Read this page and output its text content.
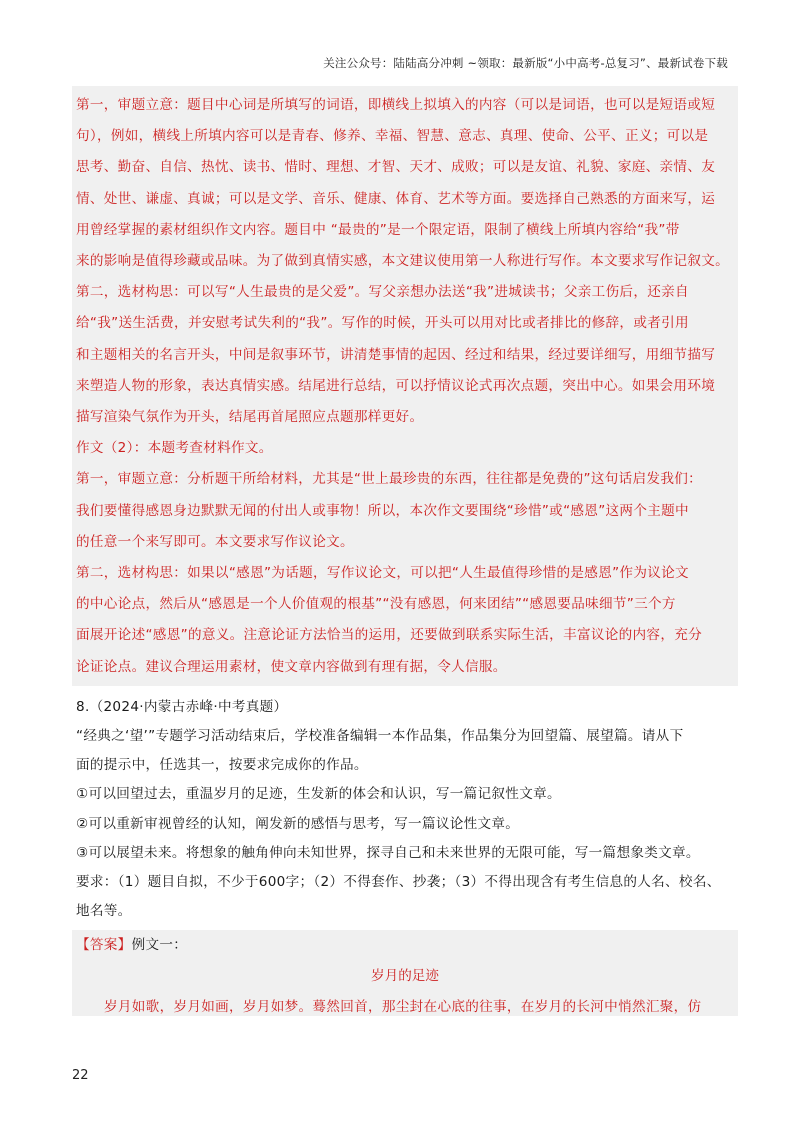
关注公众号：陆陆高分冲刺 ~领取：最新版“小中高考-总复习”、最新试卷下载
第一，审题立意：题目中心词是所填写的词语，即横线上拟填入的内容（可以是词语，也可以是短语或短
句），例如，横线上所填内容可以是青春、修养、幸福、智慧、意志、真理、使命、公平、正义；可以是
思考、勤奋、自信、热忱、读书、惜时、理想、才智、天才、成败；可以是友谊、礼貌、家庭、亲情、友
情、处世、谦虚、真诚；可以是文学、音乐、健康、体育、艺术等方面。要选择自己熟悉的方面来写，运
用曾经掌握的素材组织作文内容。题目中 “最贵的”是一个限定语，限制了横线上所填内容给“我”带
来的影响是值得珍藏或品味。为了做到真情实感，本文建议使用第一人称进行写作。本文要求写作记叙文。
第二，选材构思：可以写“人生最贵的是父爱”。写父亲想办法送“我”进城读书；父亲工伤后，还亲自
给“我”送生活费，并安慰考试失利的“我”。写作的时候，开头可以用对比或者排比的修辞，或者引用
和主题相关的名言开头，中间是叙事环节，讲清楚事情的起因、经过和结果，经过要详细写，用细节描写
来塑造人物的形象，表达真情实感。结尾进行总结，可以抒情议论式再次点题，突出中心。如果会用环境
描写渲染气氛作为开头，结尾再首尾照应点题那样更好。
作文（2）：本题考查材料作文。
第一，审题立意：分析题干所给材料，尤其是“世上最珍贵的东西，往往都是免费的”这句话启发我们：
我们要懂得感恩身边默默无闻的付出人或事物！所以，本次作文要围绕“珍惜”或“感恩”这两个主题中
的任意一个来写即可。本文要求写作议论文。
第二，选材构思：如果以“感恩”为话题，写作议论文，可以把“人生最值得珍惜的是感恩”作为议论文
的中心论点，然后从“感恩是一个人价值观的根基”“没有感恩，何来团结”“感恩要品味细节”三个方
面展开论述“感恩”的意义。注意论证方法恰当的运用，还要做到联系实际生活，丰富议论的内容，充分
论证论点。建议合理运用素材，使文章内容做到有理有据，令人信服。
8.（2024·内蒙古赤峰·中考真题）
“经典之‘望’”专题学习活动结束后，学校准备编辑一本作品集，作品集分为回望篇、展望篇。请从下
面的提示中，任选其一，按要求完成你的作品。
①可以回望过去，重温岁月的足迹，生发新的体会和认识，写一篇记叙性文章。
②可以重新审视曾经的认知，阐发新的感悟与思考，写一篇议论性文章。
③可以展望未来。将想象的触角伸向未知世界，探寻自己和未来世界的无限可能，写一篇想象类文章。
要求：（1）题目自拟，不少于600字；（2）不得套作、抄袭；（3）不得出现含有考生信息的人名、校名、
地名等。
【答案】例文一：
岁月的足迹
岁月如歌，岁月如画，岁月如梦。蓦然回首，那尘封在心底的往事，在岁月的长河中悄然汇聚，仿
22
